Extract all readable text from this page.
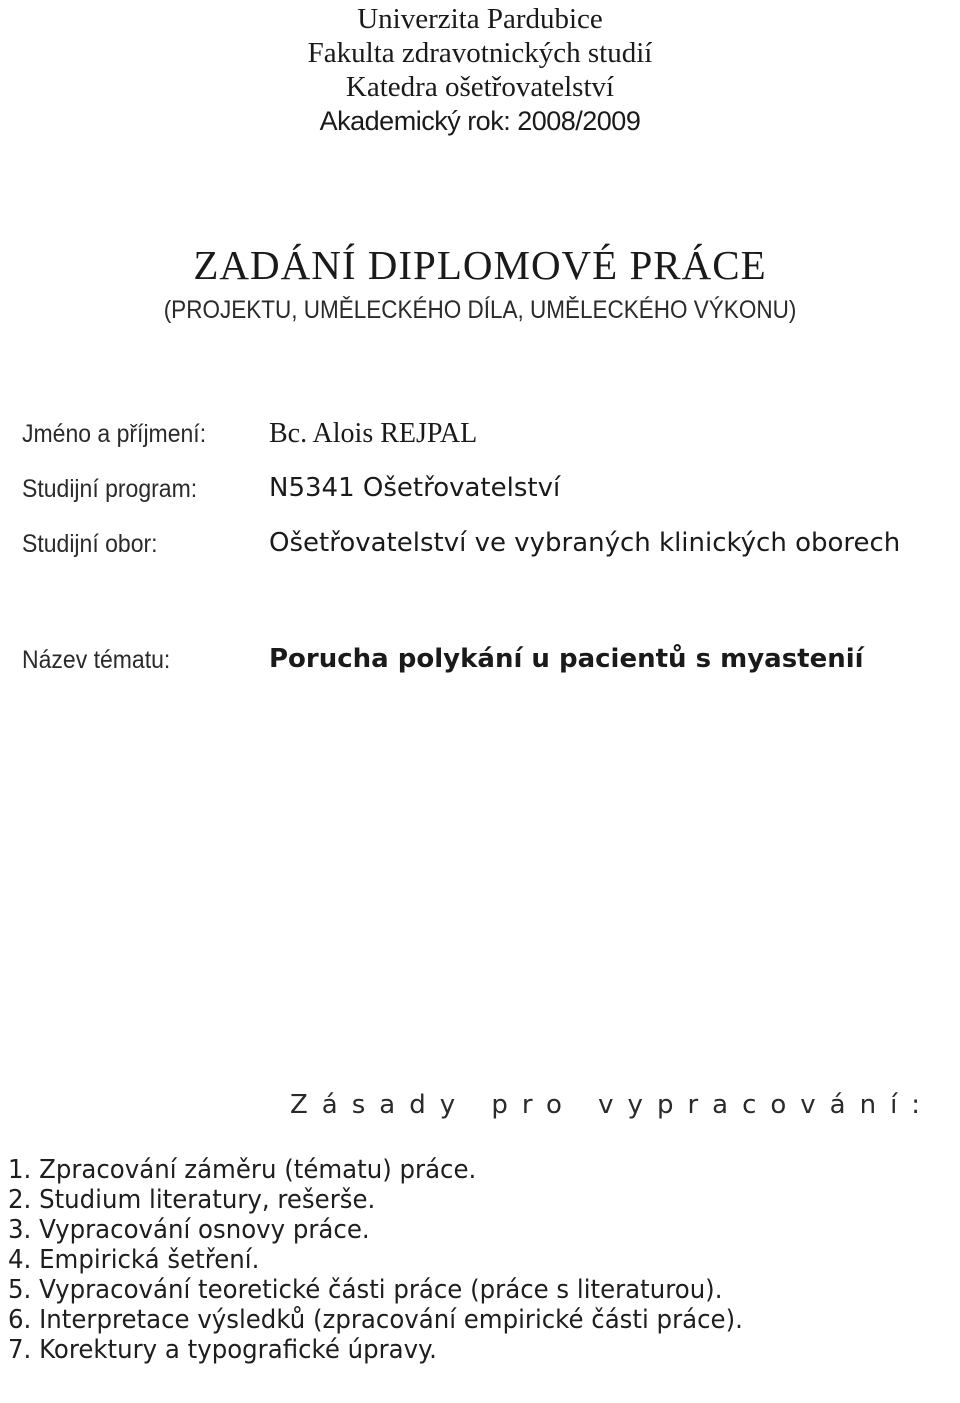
Univerzita Pardubice
Fakulta zdravotnických studií
Katedra ošetřovatelství
Akademický rok: 2008/2009
ZADÁNÍ DIPLOMOVÉ PRÁCE
(PROJEKTU, UMĚLECKÉHO DÍLA, UMĚLECKÉHO VÝKONU)
Jméno a příjmení: Bc. Alois REJPAL
Studijní program:	N5341 Ošetřovatelství
Studijní obor:	Ošetřovatelství ve vybraných klinických oborech
Název tématu:	Porucha polykání u pacientů s myastenií
Zásady pro vypracování:
1. Zpracování záměru (tématu) práce.
2. Studium literatury, rešerše.
3. Vypracování osnovy práce.
4. Empirická šetření.
5. Vypracování teoretické části práce (práce s literaturou).
6. Interpretace výsledků (zpracování empirické části práce).
7. Korektury a typografické úpravy.
